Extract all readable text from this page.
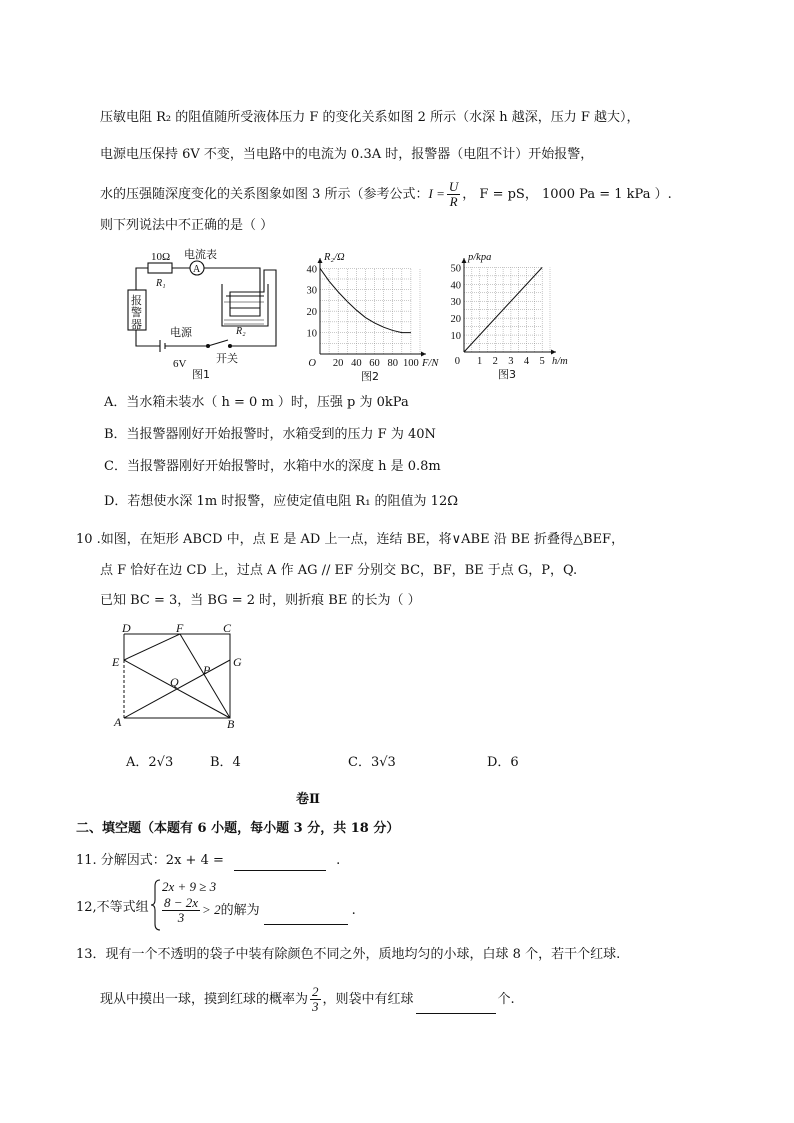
压敏电阻 R₂ 的阻值随所受液体压力 F 的变化关系如图 2 所示（水深 h 越深，压力 F 越大），
电源电压保持 6V 不变，当电路中的电流为 0.3A 时，报警器（电阻不计）开始报警，
水的压强随深度变化的关系图象如图 3 所示（参考公式：$I = \frac{U}{R}$ ， F = pS， 1000 Pa = 1 kPa ）.
则下列说法中不正确的是（ ）
10Ω
R₁
电流表
A
报
警
器
R₂
电源
6V	开关
图1
20 40 60 80 100
10
20
30
40
O	F/N
R₂/Ω
图2
1 2 3 4 5
10
20
30
40
50
0	h/m
p/kpa
图3
A．当水箱未装水（ h = 0 m ）时，压强 p 为 0kPa
B．当报警器刚好开始报警时，水箱受到的压力 F 为 40N
C．当报警器刚好开始报警时，水箱中水的深度 h 是 0.8m
D．若想使水深 1m 时报警，应使定值电阻 R₁ 的阻值为 12Ω
10 .如图，在矩形 ABCD 中，点 E 是 AD 上一点，连结 BE，将∨ABE 沿 BE 折叠得△BEF，
点 F 恰好在边 CD 上，过点 A 作 AG // EF 分别交 BC，BF，BE 于点 G，P，Q.
已知 BC = 3，当 BG = 2 时，则折痕 BE 的长为（ ）
D	F	C
E	G
P
Q
A	B
A．2√3	B．4	C．3√3	D．6
卷Ⅱ
二、填空题（本题有 6 小题，每小题 3 分，共 18 分）
11. 分解因式：2x + 4 =	.
12,不等式组
2x + 9 ≥ 3
$\frac{8 - 2x}{3} > 2$的解为	.
13．现有一个不透明的袋子中装有除颜色不同之外，质地均匀的小球，白球 8 个，若干个红球.
现从中摸出一球，摸到红球的概率为 $\frac{2}{3}$ ，则袋中有红球	个.
